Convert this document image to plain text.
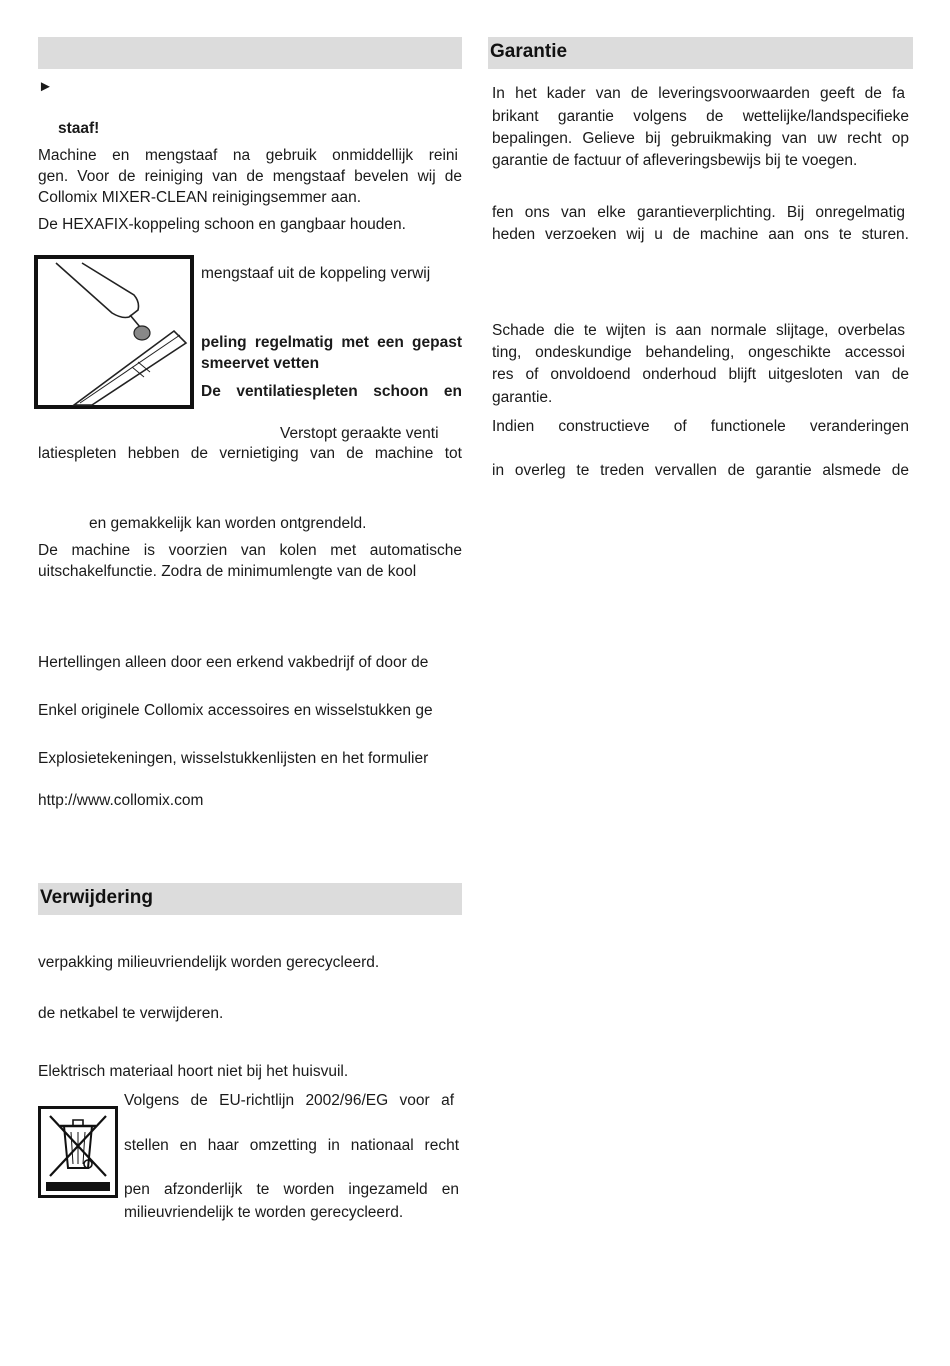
►
staaf!
Machine en mengstaaf na gebruik onmiddellijk reini
gen. Voor de reiniging van de mengstaaf bevelen wij de
Collomix MIXER-CLEAN reinigingsemmer aan.
De HEXAFIX-koppeling schoon en gangbaar houden.
mengstaaf uit de koppeling verwij
peling regelmatig met een gepast
smeervet vetten
De ventilatiespleten schoon en
Verstopt geraakte venti
latiespleten hebben de vernietiging van de machine tot
en gemakkelijk kan worden ontgrendeld.
De machine is voorzien van kolen met automatische
uitschakelfunctie. Zodra de minimumlengte van de kool
Hertellingen alleen door een erkend vakbedrijf of door de
Enkel originele Collomix accessoires en wisselstukken ge
Explosietekeningen, wisselstukkenlijsten en het formulier
http://www.collomix.com
Verwijdering
verpakking milieuvriendelijk worden gerecycleerd.
de netkabel te verwijderen.
Elektrisch materiaal hoort niet bij het huisvuil.
Volgens de EU-richtlijn 2002/96/EG voor af
stellen en haar omzetting in nationaal recht
pen afzonderlijk te worden ingezameld en
milieuvriendelijk te worden gerecycleerd.
Garantie
In het kader van de leveringsvoorwaarden geeft de fa
brikant garantie volgens de wettelijke/landspecifieke
bepalingen. Gelieve bij gebruikmaking van uw recht op
garantie de factuur of afleveringsbewijs bij te voegen.
fen ons van elke garantieverplichting. Bij onregelmatig
heden verzoeken wij u de machine aan ons te sturen.
Schade die te wijten is aan normale slijtage, overbelas
ting, ondeskundige behandeling, ongeschikte accessoi
res of onvoldoend onderhoud blijft uitgesloten van de
garantie.
Indien constructieve of functionele veranderingen
in overleg te treden vervallen de garantie alsmede de
